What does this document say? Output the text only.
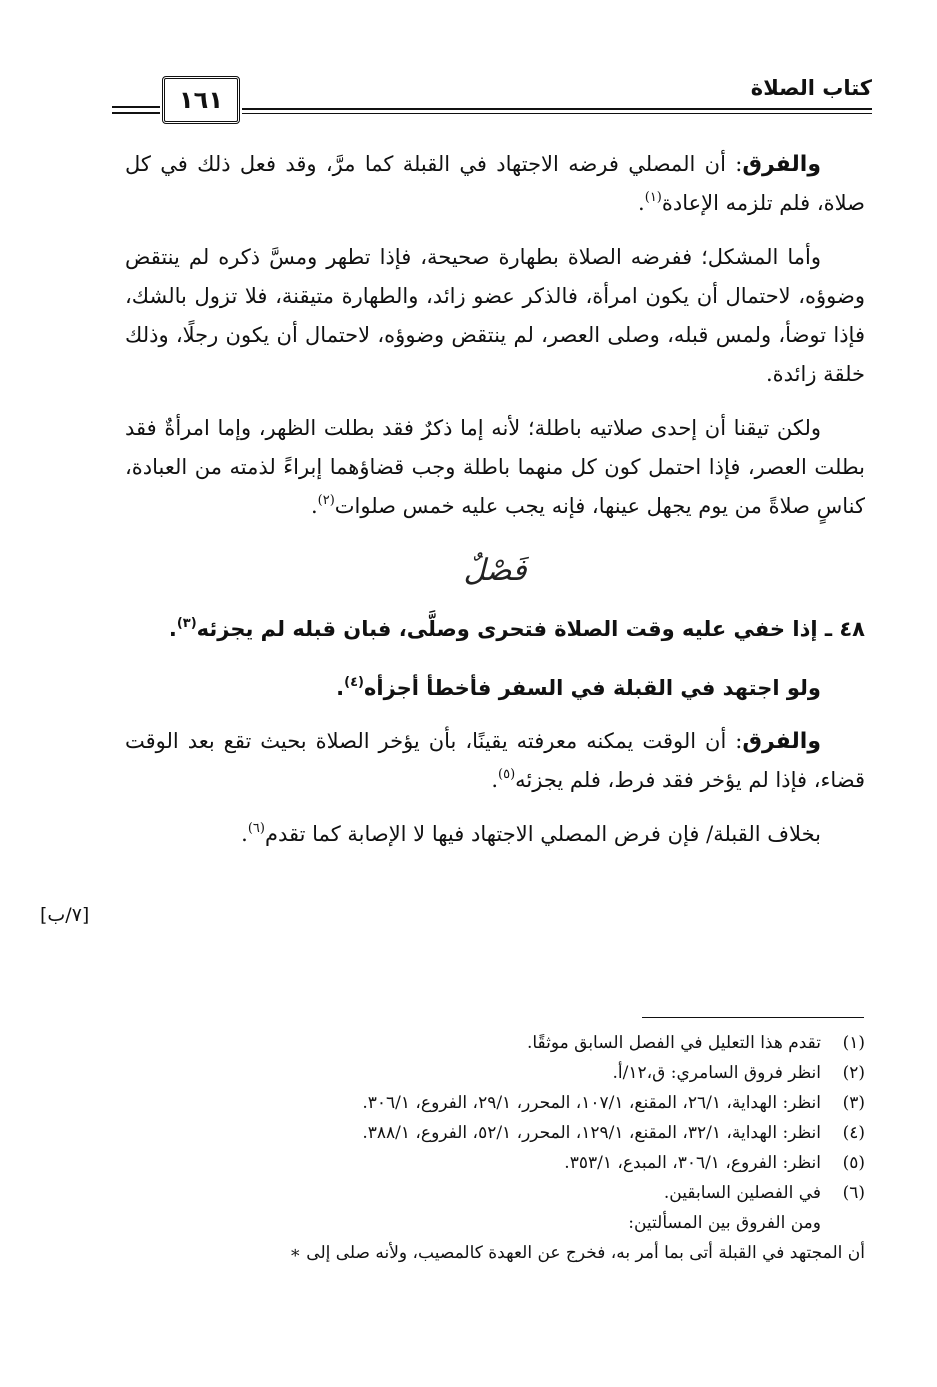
١٦١	كتاب الصلاة

والفرق: أن المصلي فرضه الاجتهاد في القبلة كما مرَّ، وقد فعل ذلك في كل صلاة، فلم تلزمه الإعادة$^{(١)}$.

وأما المشكل؛ ففرضه الصلاة بطهارة صحيحة، فإذا تطهر ومسَّ ذكره لم ينتقض وضوؤه، لاحتمال أن يكون امرأة، فالذكر عضو زائد، والطهارة متيقنة، فلا تزول بالشك، فإذا توضأ، ولمس قبله، وصلى العصر، لم ينتقض وضوؤه، لاحتمال أن يكون رجلًا، وذلك خلقة زائدة.

ولكن تيقنا أن إحدى صلاتيه باطلة؛ لأنه إما ذكرٌ فقد بطلت الظهر، وإما امرأةٌ فقد بطلت العصر، فإذا احتمل كون كل منهما باطلة وجب قضاؤهما إبراءً لذمته من العبادة، كناسٍ صلاةً من يوم يجهل عينها، فإنه يجب عليه خمس صلوات$^{(٢)}$.

فَصْلٌ

٤٨ ـ إذا خفي عليه وقت الصلاة فتحرى وصلَّى، فبان قبله لم يجزئه$^{(٣)}$.

ولو اجتهد في القبلة في السفر فأخطأ أجزأه$^{(٤)}$.

والفرق: أن الوقت يمكنه معرفته يقينًا، بأن يؤخر الصلاة بحيث تقع بعد الوقت قضاء، فإذا لم يؤخر فقد فرط، فلم يجزئه$^{(٥)}$.

بخلاف القبلة/ فإن فرض المصلي الاجتهاد فيها لا الإصابة كما تقدم$^{(٦)}$.

[٧/ب]
(١)
تقدم هذا التعليل في الفصل السابق موثقًا.
(٢)
انظر فروق السامري: ق،١٢/أ.
(٣)
انظر: الهداية، ٢٦/١، المقنع، ١٠٧/١، المحرر، ٢٩/١، الفروع، ٣٠٦/١.
(٤)
انظر: الهداية، ٣٢/١، المقنع، ١٢٩/١، المحرر، ٥٢/١، الفروع، ٣٨٨/١.
(٥)
انظر: الفروع، ٣٠٦/١، المبدع، ٣٥٣/١.
(٦)
في الفصلين السابقين.
ومن الفروق بين المسألتين:
أن المجتهد في القبلة أتى بما أمر به، فخرج عن العهدة كالمصيب، ولأنه صلى إلى ∗
